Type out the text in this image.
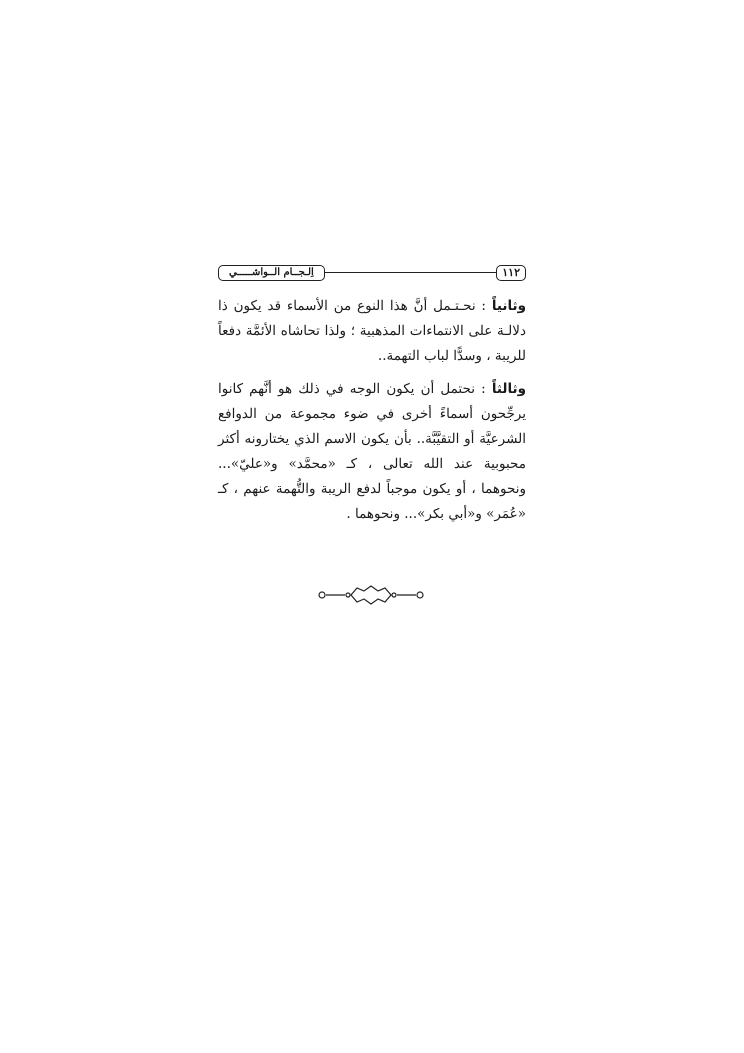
١١٢
اِلـجــام الــواشـــــي

وثانياً : نحـتـمل أنَّ هذا النوع من الأسماء قد يكون ذا دلالـة على الانتماءات المذهبية ؛ ولذا تحاشاه الأئمَّة دفعاً للريبة ، وسدًّا لباب التهمة..

وثالثاً : نحتمل أن يكون الوجه في ذلك هو أنَّهم كانوا يرجِّحون أسماءً أخرى في ضوء مجموعة من الدوافع الشرعيَّة أو التقيَّبَّة.. بأن يكون الاسم الذي يختارونه أكثر محبوبية عند الله تعالى ، كـ «محمَّد» و«عليّ»... ونحوهما ، أو يكون موجباً لدفع الريبة والتُّهمة عنهم ، كـ «عُمَر» و«أبي بكر»... ونحوهما .
